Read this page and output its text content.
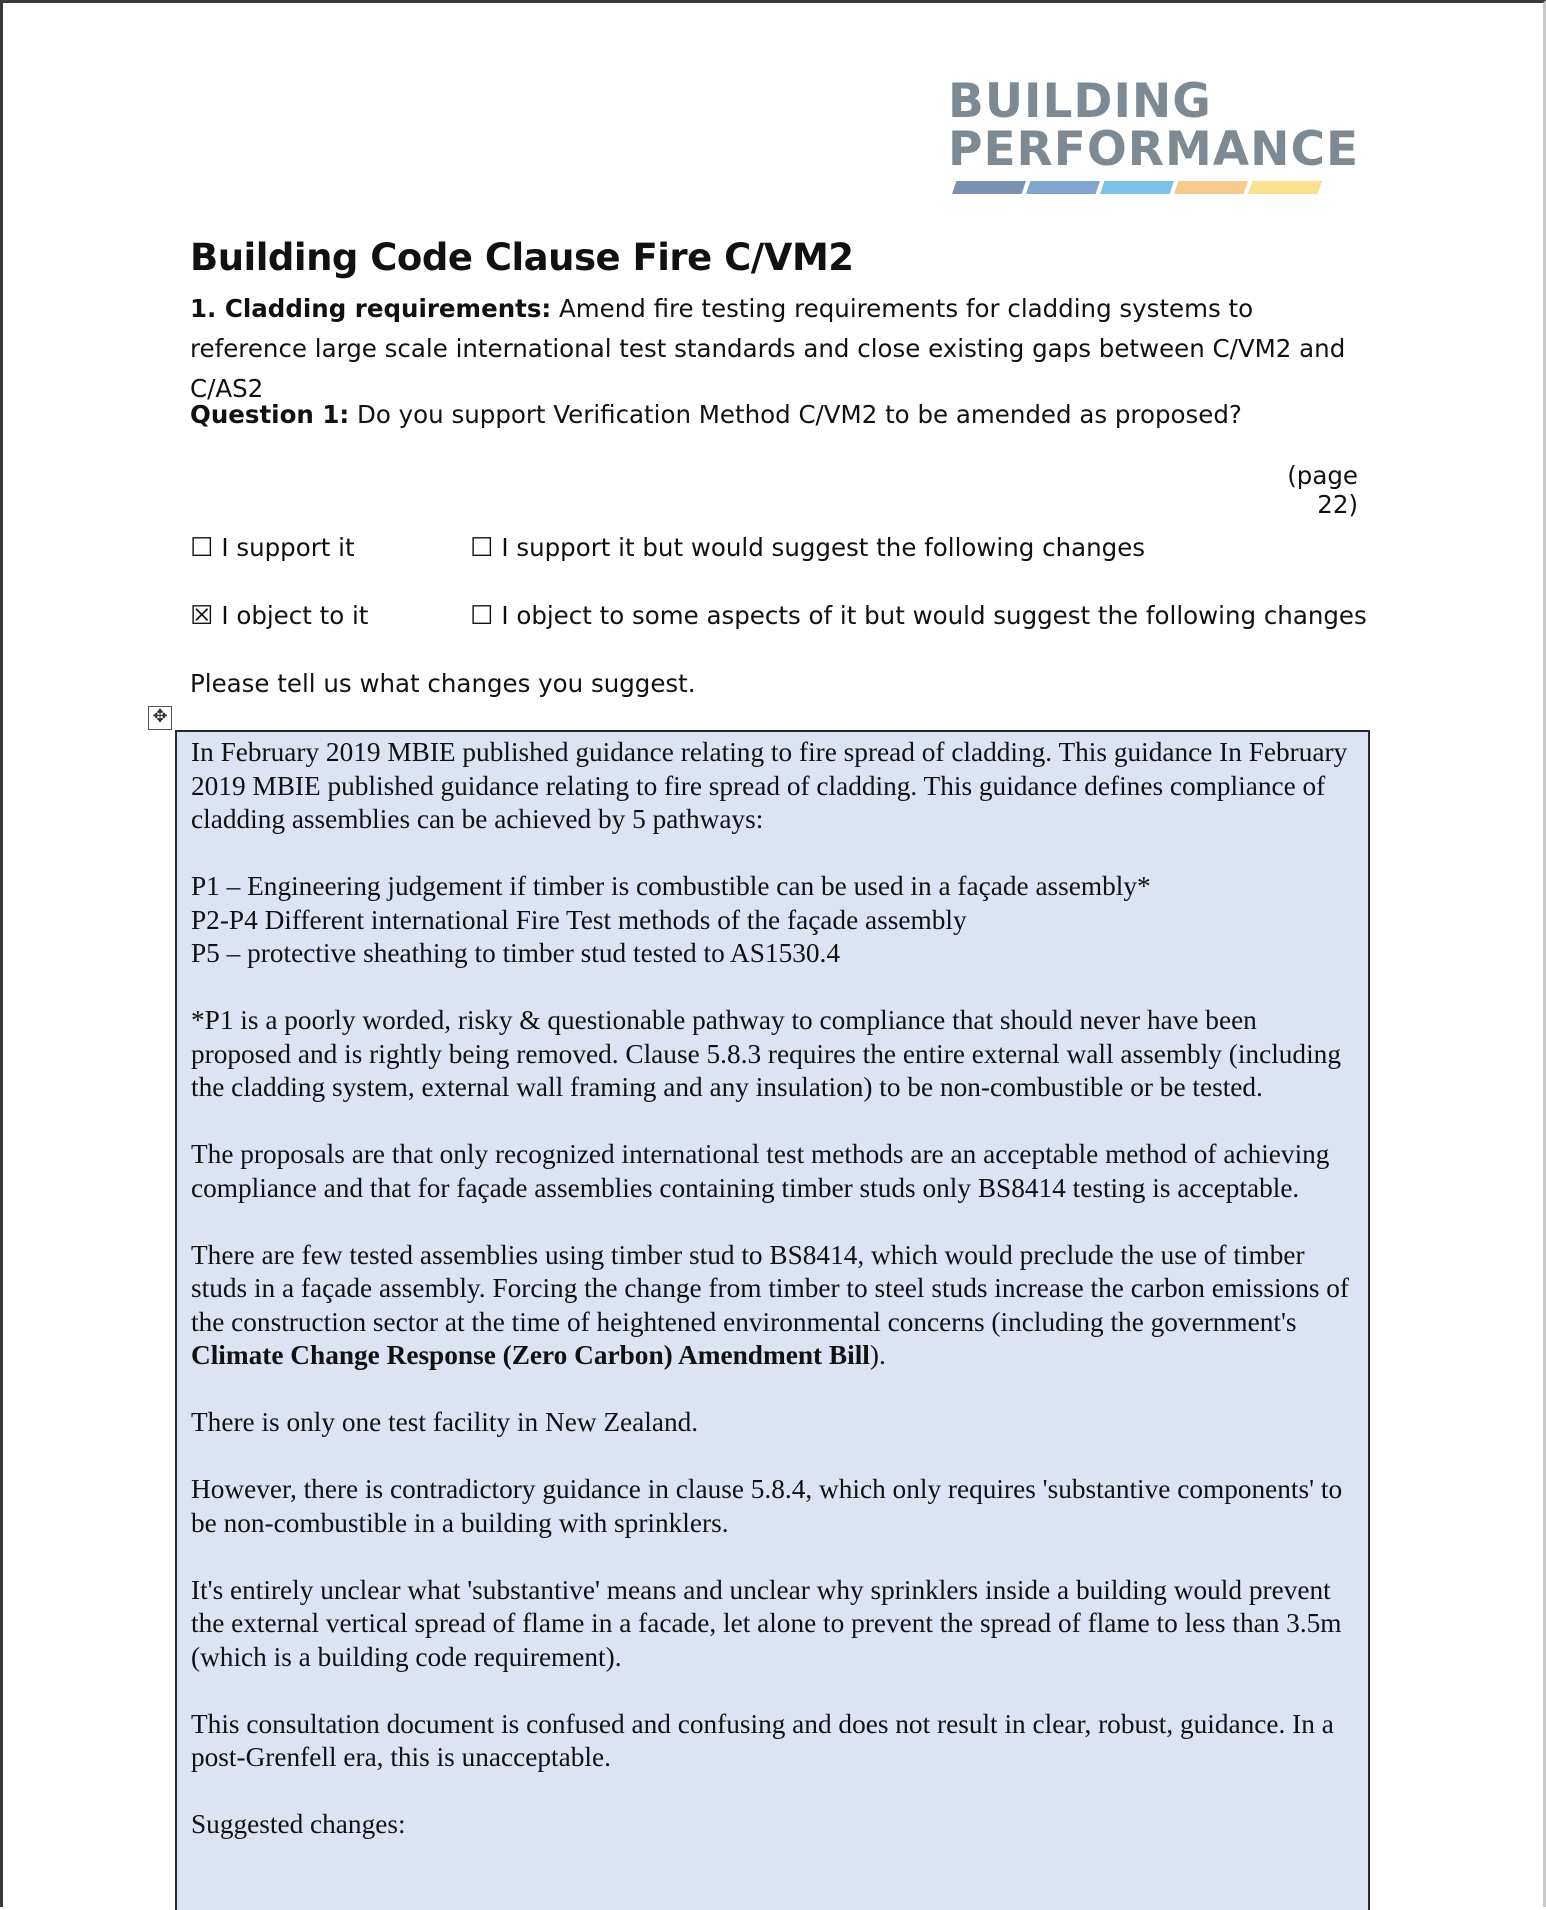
BUILDING
PERFORMANCE
Building Code Clause Fire C/VM2
1. Cladding requirements: Amend fire testing requirements for cladding systems to reference large scale international test standards and close existing gaps between C/VM2 and C/AS2
Question 1: Do you support Verification Method C/VM2 to be amended as proposed?
(page 22)
☐ I support it	☐ I support it but would suggest the following changes
☒ I object to it	☐ I object to some aspects of it but would suggest the following changes
Please tell us what changes you suggest.
✥

In February 2019 MBIE published guidance relating to fire spread of cladding. This guidance In February 2019 MBIE published guidance relating to fire spread of cladding. This guidance defines compliance of cladding assemblies can be achieved by 5 pathways:

P1 – Engineering judgement if timber is combustible can be used in a façade assembly*

P2-P4 Different international Fire Test methods of the façade assembly

P5 – protective sheathing to timber stud tested to AS1530.4

*P1 is a poorly worded, risky & questionable pathway to compliance that should never have been proposed and is rightly being removed. Clause 5.8.3 requires the entire external wall assembly (including the cladding system, external wall framing and any insulation) to be non-combustible or be tested.

The proposals are that only recognized international test methods are an acceptable method of achieving compliance and that for façade assemblies containing timber studs only BS8414 testing is acceptable.

There are few tested assemblies using timber stud to BS8414, which would preclude the use of timber studs in a façade assembly. Forcing the change from timber to steel studs increase the carbon emissions of the construction sector at the time of heightened environmental concerns (including the government's Climate Change Response (Zero Carbon) Amendment Bill).

There is only one test facility in New Zealand.

However, there is contradictory guidance in clause 5.8.4, which only requires 'substantive components' to be non-combustible in a building with sprinklers.

It's entirely unclear what 'substantive' means and unclear why sprinklers inside a building would prevent the external vertical spread of flame in a facade, let alone to prevent the spread of flame to less than 3.5m (which is a building code requirement).

This consultation document is confused and confusing and does not result in clear, robust, guidance. In a post-Grenfell era, this is unacceptable.

Suggested changes:
